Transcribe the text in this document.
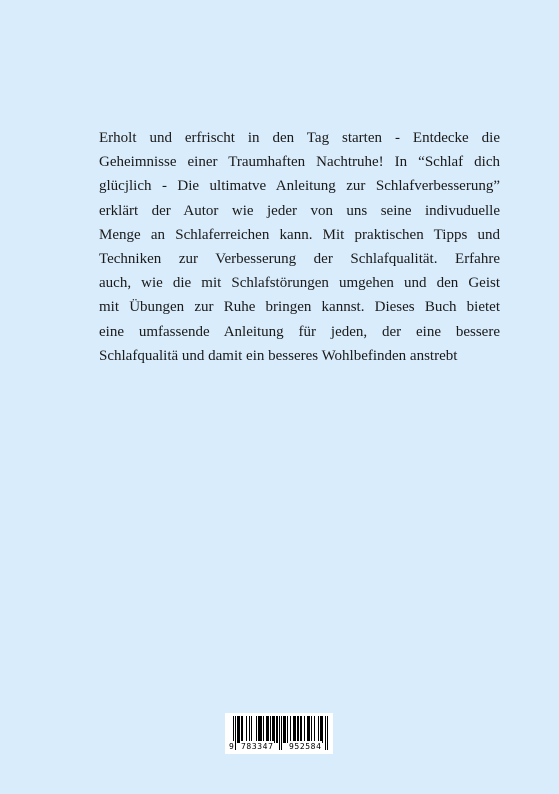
Erholt und erfrischt in den Tag starten - Entdecke die
Geheimnisse einer Traumhaften Nachtruhe! In “Schlaf dich
glücjlich - Die ultimatve Anleitung zur Schlafverbesserung”
erklärt der Autor wie jeder von uns seine indivuduelle
Menge an Schlaferreichen kann. Mit praktischen Tipps und
Techniken zur Verbesserung der Schlafqualität. Erfahre
auch, wie die mit Schlafstörungen umgehen und den Geist
mit Übungen zur Ruhe bringen kannst. Dieses Buch bietet
eine umfassende Anleitung für jeden, der eine bessere
Schlafqualitä und damit ein besseres Wohlbefinden anstrebt

9 783347 952584
